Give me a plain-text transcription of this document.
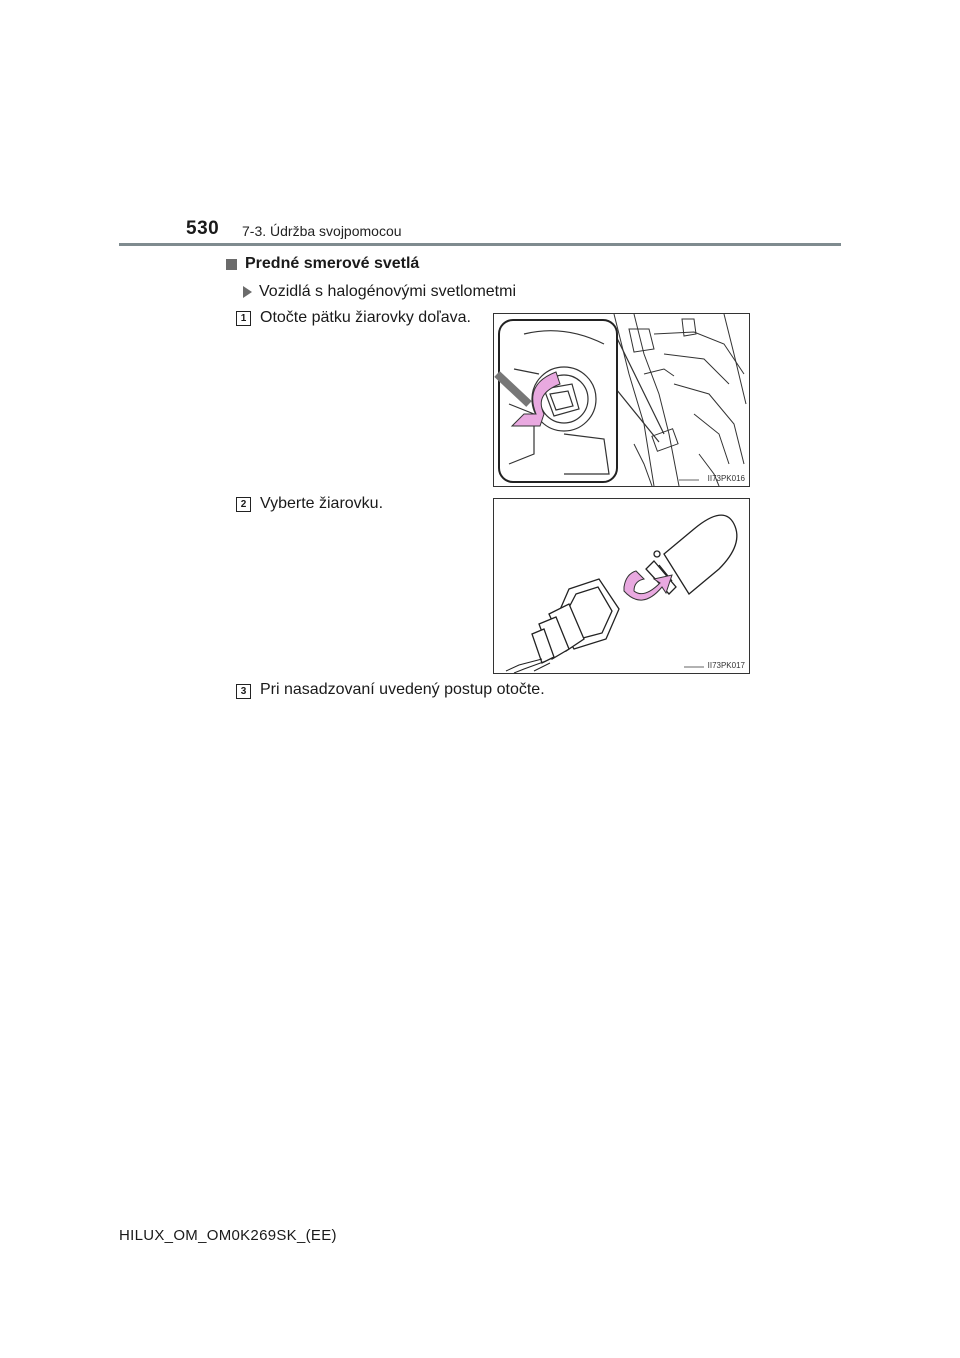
530 7-3. Údržba svojpomocou
Predné smerové svetlá
Vozidlá s halogénovými svetlometmi
1 Otočte pätku žiarovky doľava.
II73PK016
2 Vyberte žiarovku.
II73PK017
3 Pri nasadzovaní uvedený postup otočte.
HILUX_OM_OM0K269SK_(EE)
